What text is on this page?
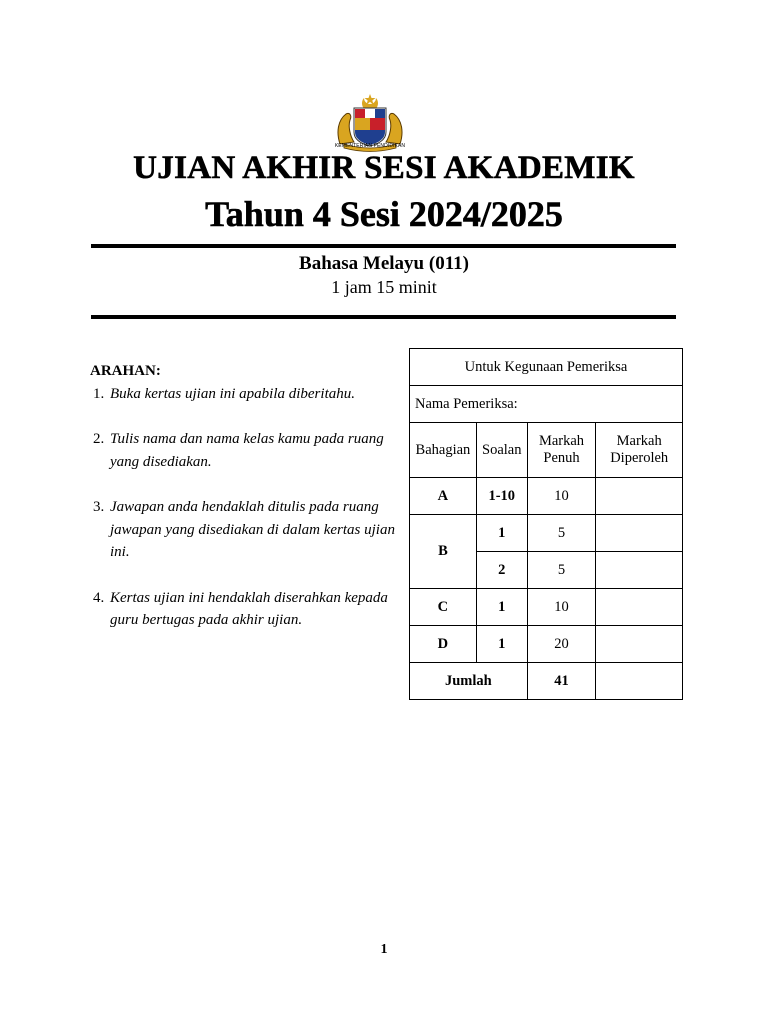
KEMENTERIAN PENDIDIKAN
UJIAN AKHIR SESI AKADEMIK
Tahun 4 Sesi 2024/2025
Bahasa Melayu (011)
1 jam 15 minit
ARAHAN:
1. Buka kertas ujian ini apabila diberitahu.
2. Tulis nama dan nama kelas kamu pada ruang yang disediakan.
3. Jawapan anda hendaklah ditulis pada ruang jawapan yang disediakan di dalam kertas ujian ini.
4. Kertas ujian ini hendaklah diserahkan kepada guru bertugas pada akhir ujian.
Untuk Kegunaan Pemeriksa			
Nama Pemeriksa:			
Bahagian	Soalan	Markah Penuh	Markah Diperoleh
A	1-10	10	
B	1	5	
	2	5	
C	1	10	
D	1	20	
Jumlah		41	
1
